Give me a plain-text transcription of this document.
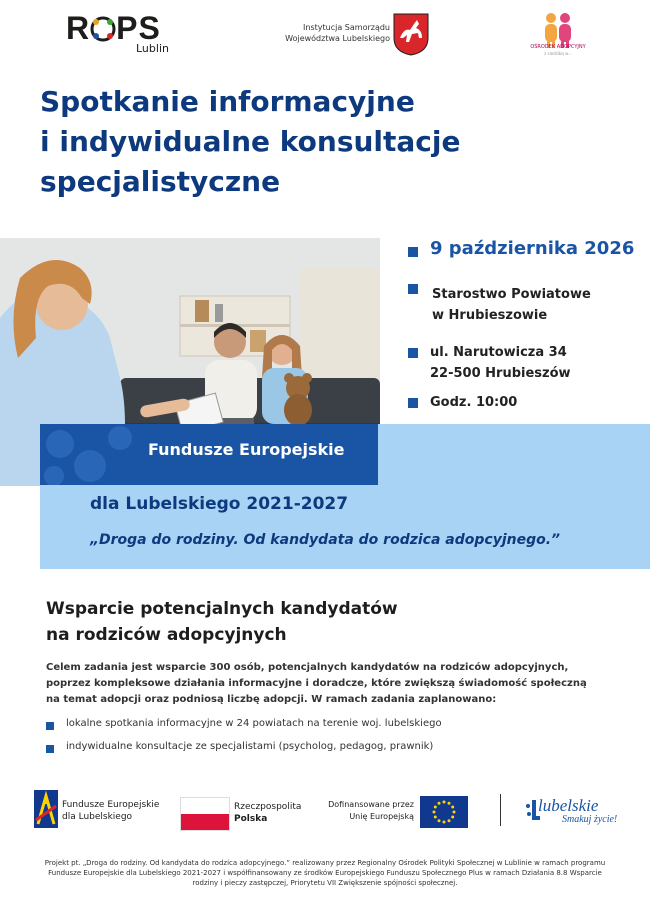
R PS
Lublin
Instytucja Samorządu
Województwa Lubelskiego
OŚRODEK ADOPCYJNY
z siedzibą w...
Spotkanie informacyjne
i indywidualne konsultacje
specjalistyczne
9 października 2026
Starostwo Powiatowe
w Hrubieszowie
ul. Narutowicza 34
22-500 Hrubieszów
Godz. 10:00
Fundusze Europejskie
dla Lubelskiego 2021-2027
„Droga do rodziny. Od kandydata do rodzica adopcyjnego.”
Wsparcie potencjalnych kandydatów
na rodziców adopcyjnych
Celem zadania jest wsparcie 300 osób, potencjalnych kandydatów na rodziców adopcyjnych,
poprzez kompleksowe działania informacyjne i doradcze, które zwiększą świadomość społeczną
na temat adopcji oraz podniosą liczbę adopcji. W ramach zadania zaplanowano:
lokalne spotkania informacyjne w 24 powiatach na terenie woj. lubelskiego
indywidualne konsultacje ze specjalistami (psycholog, pedagog, prawnik)
Fundusze Europejskie
dla Lubelskiego
Rzeczpospolita
Polska
Dofinansowane przez
Unię Europejską
lubelskie
Smakuj życie!
Projekt pt. „Droga do rodziny. Od kandydata do rodzica adopcyjnego.” realizowany przez Regionalny Ośrodek Polityki Społecznej w Lublinie w ramach programu
Fundusze Europejskie dla Lubelskiego 2021-2027 i współfinansowany ze środków Europejskiego Funduszu Społecznego Plus w ramach Działania 8.8 Wsparcie
rodziny i pieczy zastępczej, Priorytetu VII Zwiększenie spójności społecznej.
